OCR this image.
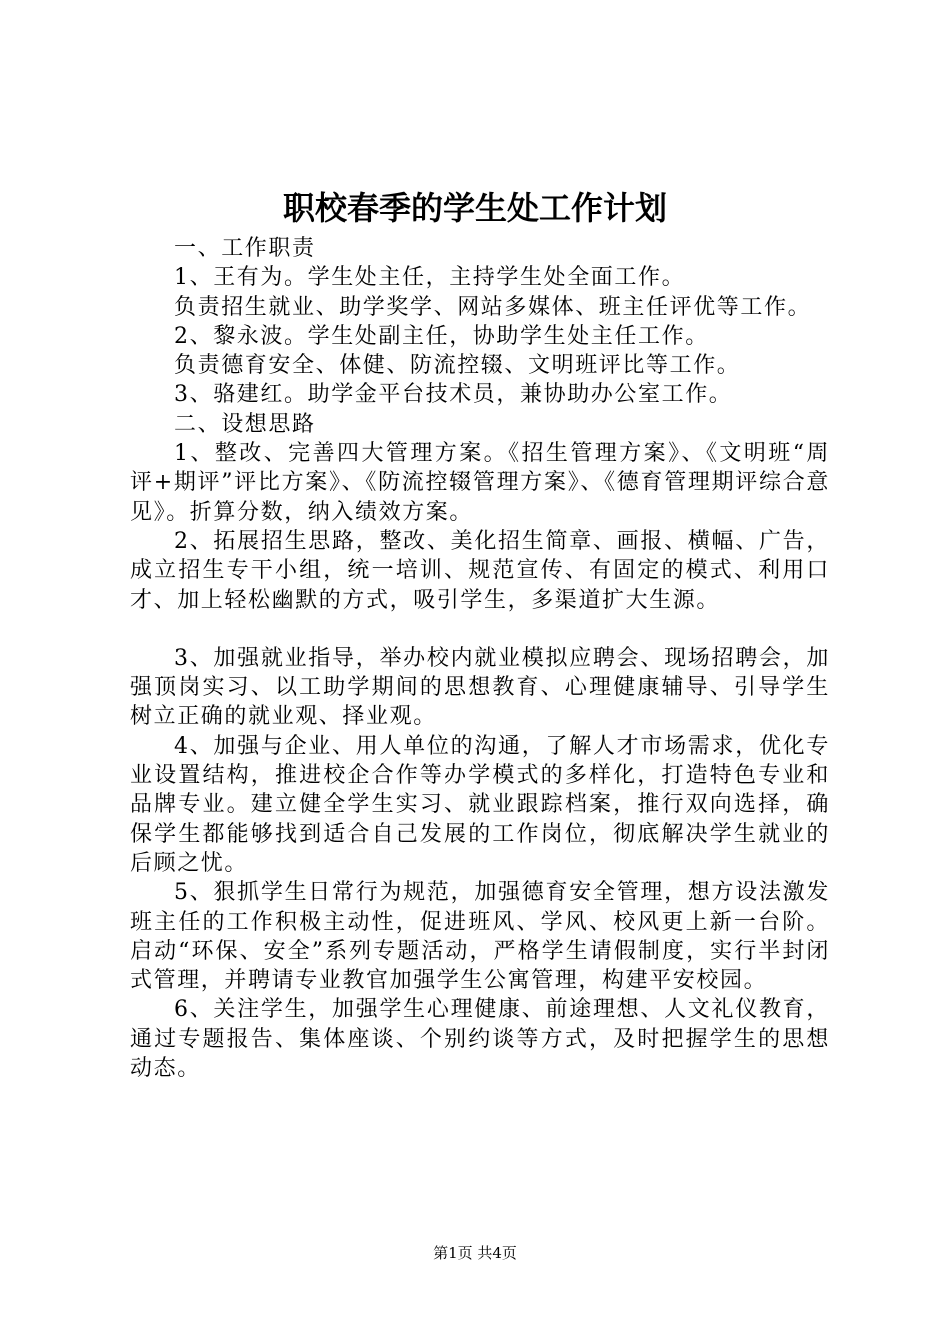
职校春季的学生处工作计划

一、工作职责

1、王有为。学生处主任，主持学生处全面工作。

负责招生就业、助学奖学、网站多媒体、班主任评优等工作。

2、黎永波。学生处副主任，协助学生处主任工作。

负责德育安全、体健、防流控辍、文明班评比等工作。

3、骆建红。助学金平台技术员，兼协助办公室工作。

二、设想思路

1、整改、完善四大管理方案。《招生管理方案》、《文明班“周评+期评”评比方案》、《防流控辍管理方案》、《德育管理期评综合意见》。折算分数，纳入绩效方案。

2、拓展招生思路，整改、美化招生简章、画报、横幅、广告，成立招生专干小组，统一培训、规范宣传、有固定的模式、利用口才、加上轻松幽默的方式，吸引学生，多渠道扩大生源。

3、加强就业指导，举办校内就业模拟应聘会、现场招聘会，加强顶岗实习、以工助学期间的思想教育、心理健康辅导、引导学生树立正确的就业观、择业观。

4、加强与企业、用人单位的沟通，了解人才市场需求，优化专业设置结构，推进校企合作等办学模式的多样化，打造特色专业和品牌专业。建立健全学生实习、就业跟踪档案，推行双向选择，确保学生都能够找到适合自己发展的工作岗位，彻底解决学生就业的后顾之忧。

5、狠抓学生日常行为规范，加强德育安全管理，想方设法激发班主任的工作积极主动性，促进班风、学风、校风更上新一台阶。启动“环保、安全”系列专题活动，严格学生请假制度，实行半封闭式管理，并聘请专业教官加强学生公寓管理，构建平安校园。

6、关注学生，加强学生心理健康、前途理想、人文礼仪教育，通过专题报告、集体座谈、个别约谈等方式，及时把握学生的思想动态。

第1页 共4页
